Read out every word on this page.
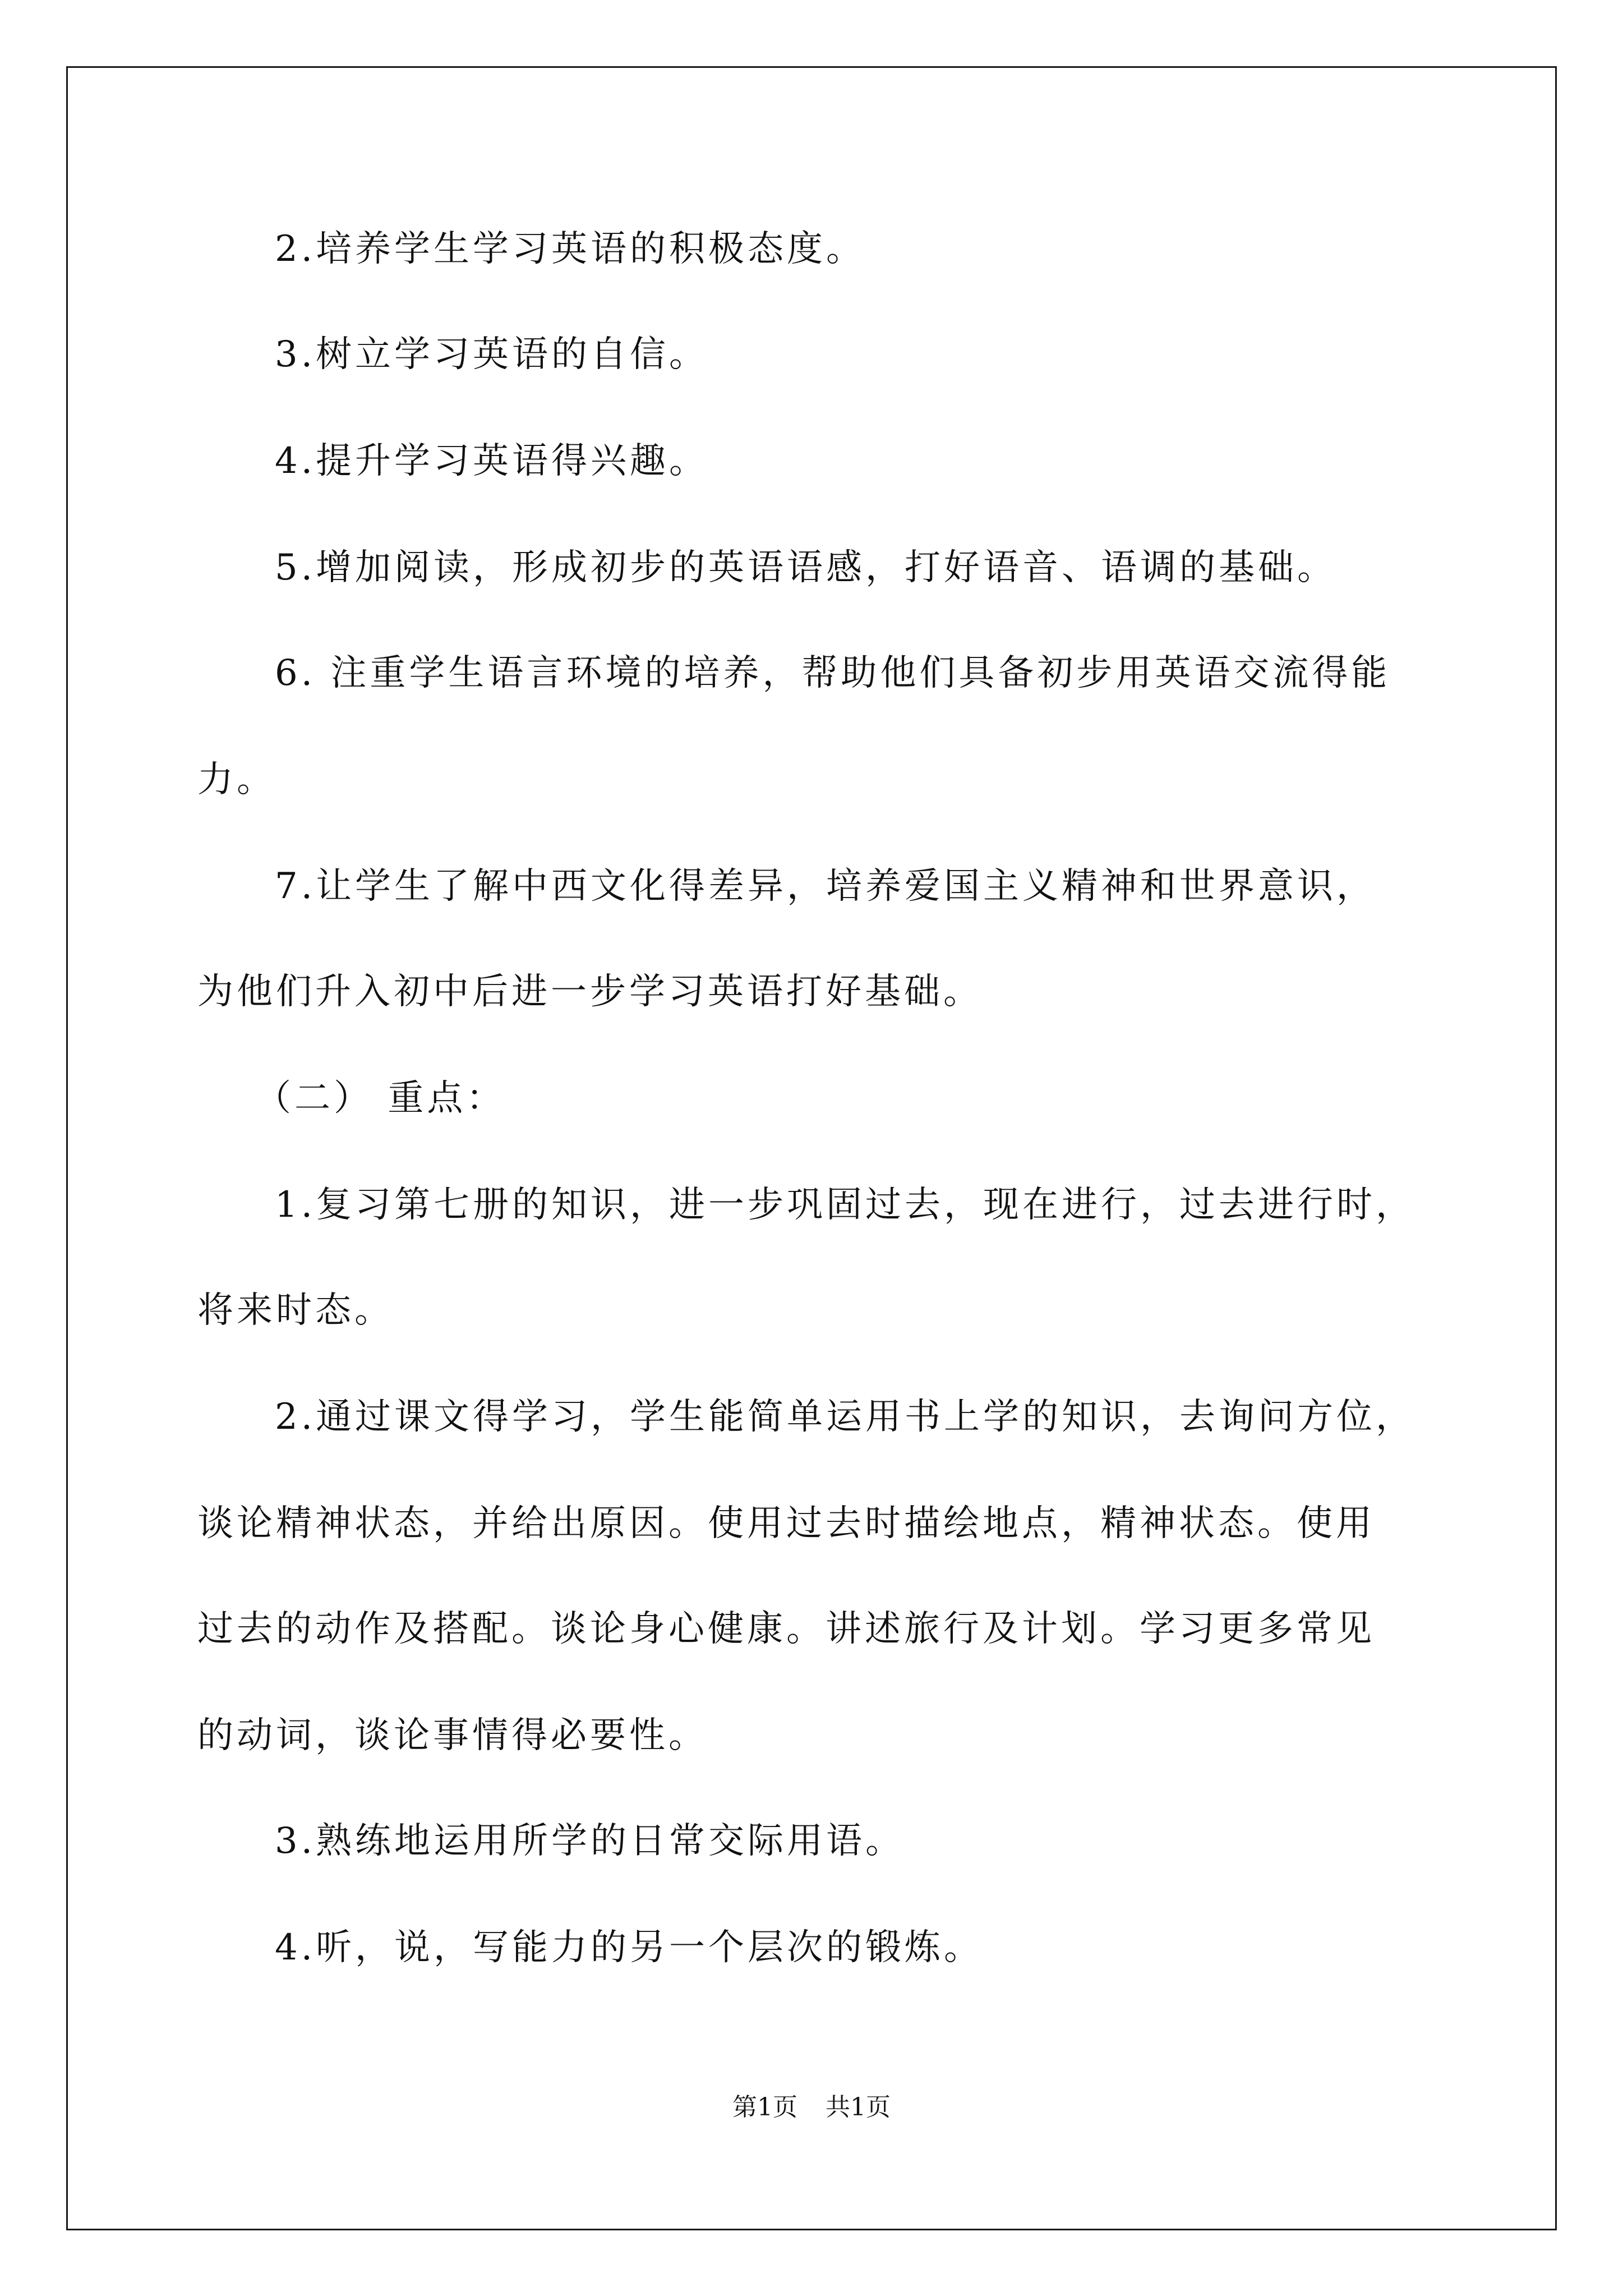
2.培养学生学习英语的积极态度。
3.树立学习英语的自信。
4.提升学习英语得兴趣。
5.增加阅读，形成初步的英语语感，打好语音、语调的基础。
6. 注重学生语言环境的培养，帮助他们具备初步用英语交流得能
力。
7.让学生了解中西文化得差异，培养爱国主义精神和世界意识，
为他们升入初中后进一步学习英语打好基础。
（二） 重点：
1.复习第七册的知识，进一步巩固过去，现在进行，过去进行时，
将来时态。
2.通过课文得学习，学生能简单运用书上学的知识，去询问方位，
谈论精神状态，并给出原因。使用过去时描绘地点，精神状态。使用
过去的动作及搭配。谈论身心健康。讲述旅行及计划。学习更多常见
的动词，谈论事情得必要性。
3.熟练地运用所学的日常交际用语。
4.听，说，写能力的另一个层次的锻炼。
第1页 共1页
